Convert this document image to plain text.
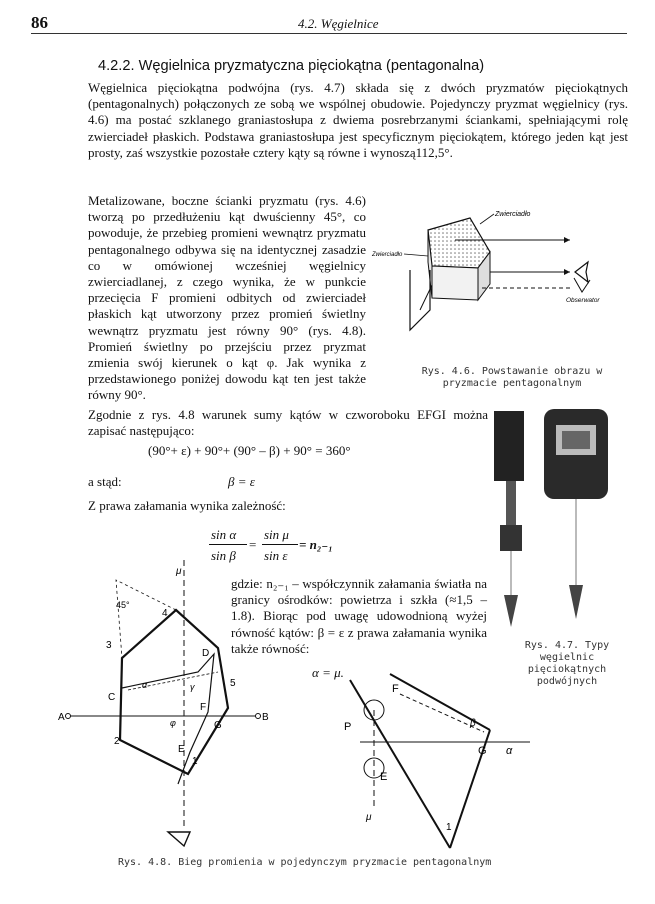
86	4.2. Węgielnice
4.2.2. Węgielnica pryzmatyczna pięciokątna (pentagonalna)
Węgielnica pięciokątna podwójna (rys. 4.7) składa się z dwóch pryzmatów pięciokątnych (pentagonalnych) połączonych ze sobą we wspólnej obudowie. Pojedynczy pryzmat węgielnicy (rys. 4.6) ma postać szklanego graniastosłupa z dwiema posrebrzanymi ściankami, spełniającymi rolę zwierciadeł płaskich. Podstawa graniastosłupa jest specyficznym pięciokątem, którego jeden kąt jest prosty, zaś wszystkie pozostałe cztery kąty są równe i wynoszą112,5°.
Metalizowane, boczne ścianki pryzmatu (rys. 4.6) tworzą po przedłużeniu kąt dwuścienny 45°, co powoduje, że przebieg promieni wewnątrz pryzmatu pentagonalnego odbywa się na identycznej zasadzie co w omówionej wcześniej węgielnicy zwierciadlanej, z czego wynika, że w punkcie przecięcia F promieni odbitych od zwierciadeł płaskich kąt utworzony przez promień świetlny wewnątrz pryzmatu jest równy 90° (rys. 4.8). Promień świetlny po przejściu przez pryzmat zmienia swój kierunek o kąt φ. Jak wynika z przedstawionego poniżej dowodu kąt ten jest także równy 90°.
Zgodnie z rys. 4.8 warunek sumy kątów w czworoboku EFGI można zapisać następująco:
(90°+ ε) + 90°+ (90° – β) + 90° = 360°
a stąd:	β = ε
Z prawa załamania wynika zależność:
sin α sin μ
=	= n₂₋₁
sin β sin ε
gdzie: n₂₋₁ – współczynnik załamania światła na granicy ośrodków: powietrza i szkła (≈1,5 – 1.8). Biorąc pod uwagę udowodnioną wyżej równość kątów: β = ε z prawa załamania wynika także równość:
α = μ.
Zwierciadło
Zwierciadło
Obserwator
Rys. 4.6. Powstawanie obrazu w pryzmacie pentagonalnym
Rys. 4.7. Typy węgielnic pięciokątnych podwójnych
A	B
C
D
E
F
G
1
2
3
4
5
45°
μ
α	γ
φ
F
P
E
G α
β
μ
1
Rys. 4.8. Bieg promienia w pojedynczym pryzmacie pentagonalnym
